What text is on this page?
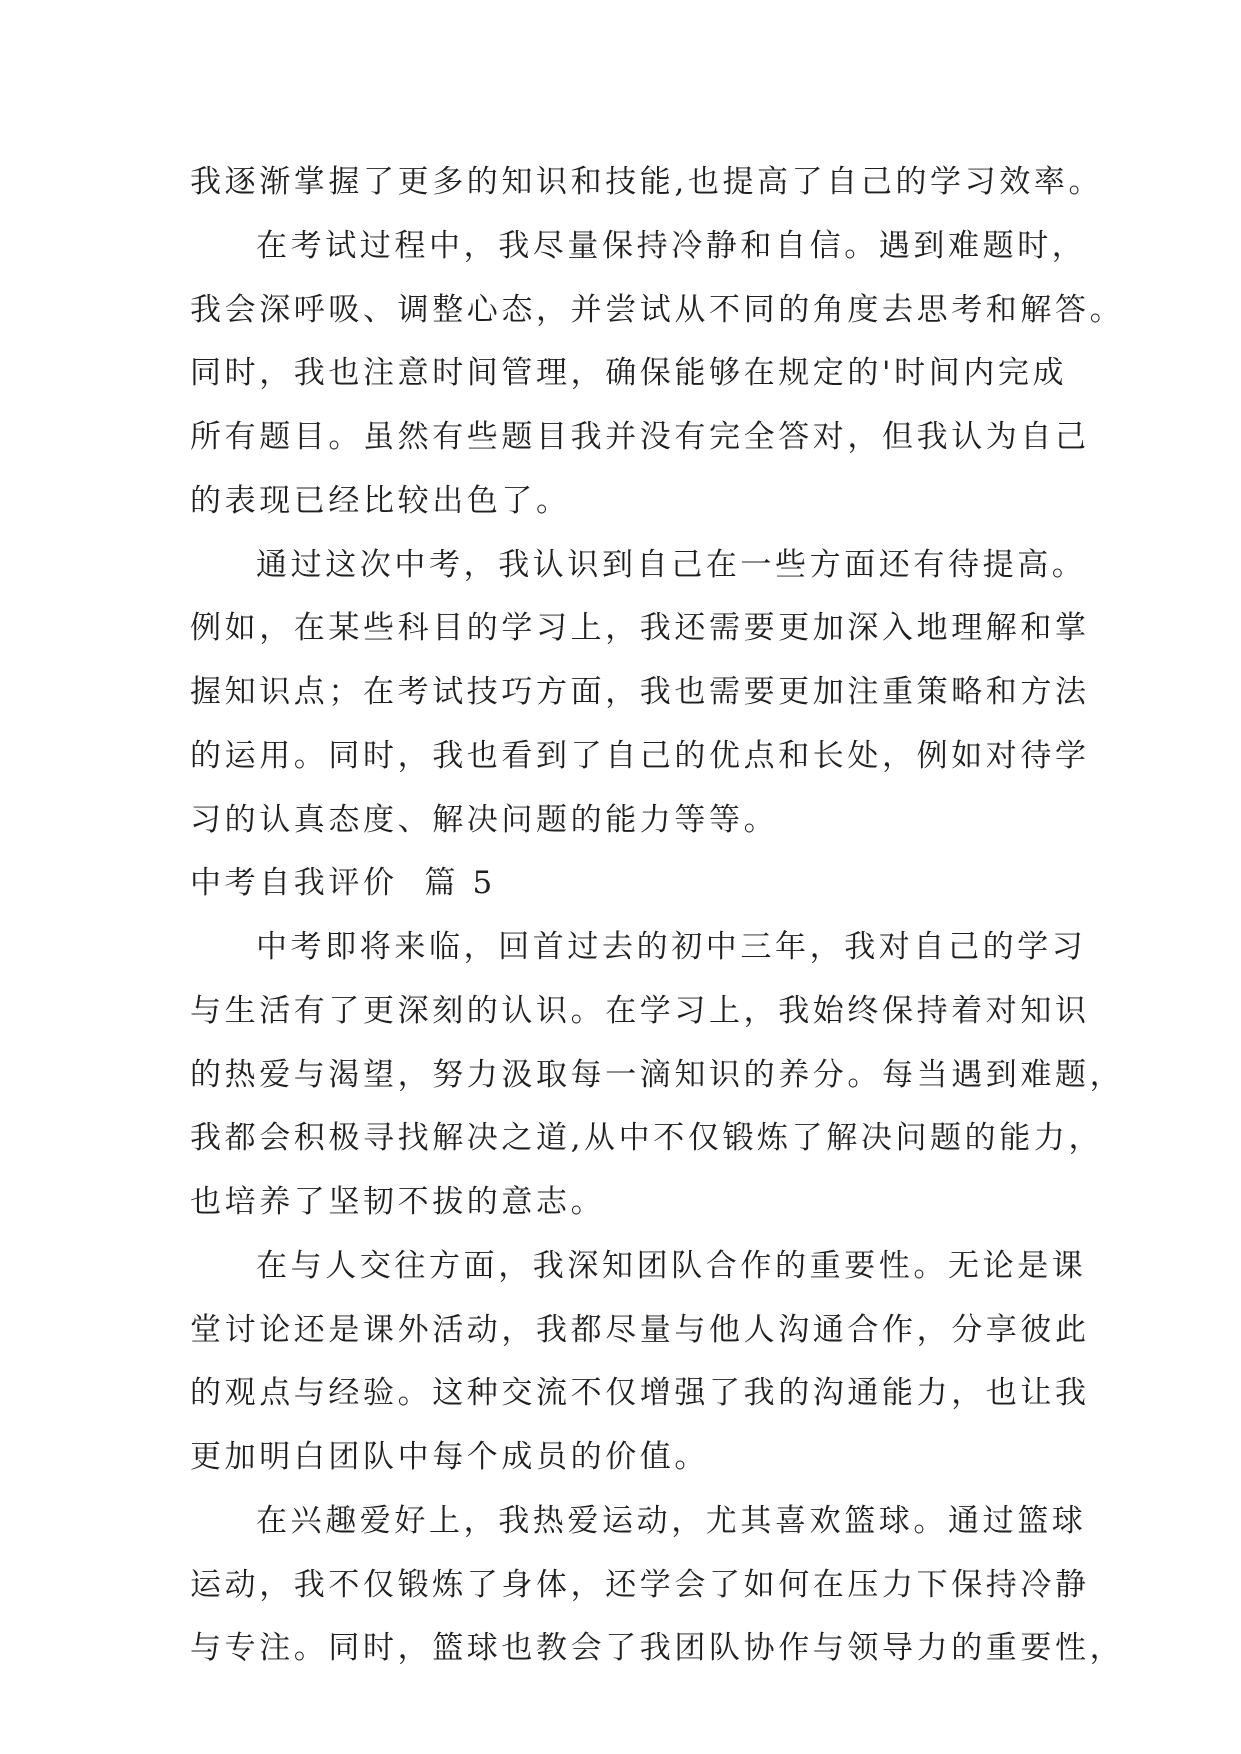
我逐渐掌握了更多的知识和技能,也提高了自己的学习效率。
在考试过程中，我尽量保持冷静和自信。遇到难题时，
我会深呼吸、调整心态，并尝试从不同的角度去思考和解答。
同时，我也注意时间管理，确保能够在规定的'时间内完成
所有题目。虽然有些题目我并没有完全答对，但我认为自己
的表现已经比较出色了。
通过这次中考，我认识到自己在一些方面还有待提高。
例如，在某些科目的学习上，我还需要更加深入地理解和掌
握知识点；在考试技巧方面，我也需要更加注重策略和方法
的运用。同时，我也看到了自己的优点和长处，例如对待学
习的认真态度、解决问题的能力等等。
中考自我评价  篇 5
中考即将来临，回首过去的初中三年，我对自己的学习
与生活有了更深刻的认识。在学习上，我始终保持着对知识
的热爱与渴望，努力汲取每一滴知识的养分。每当遇到难题，
我都会积极寻找解决之道,从中不仅锻炼了解决问题的能力，
也培养了坚韧不拔的意志。
在与人交往方面，我深知团队合作的重要性。无论是课
堂讨论还是课外活动，我都尽量与他人沟通合作，分享彼此
的观点与经验。这种交流不仅增强了我的沟通能力，也让我
更加明白团队中每个成员的价值。
在兴趣爱好上，我热爱运动，尤其喜欢篮球。通过篮球
运动，我不仅锻炼了身体，还学会了如何在压力下保持冷静
与专注。同时，篮球也教会了我团队协作与领导力的重要性，
